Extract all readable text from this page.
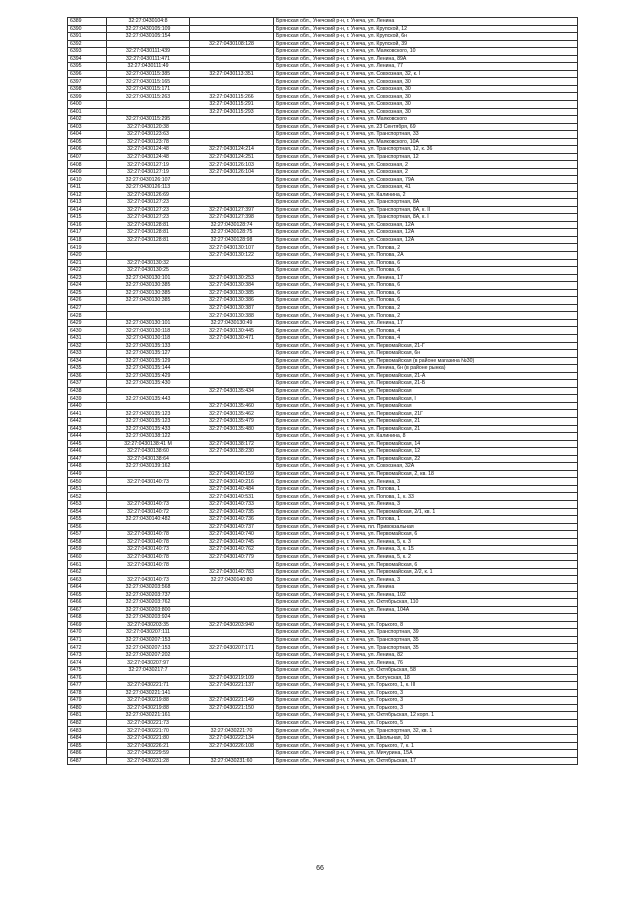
6389	32:27:0430104:8		Брянская обл., Унечский р-н, г. Унеча, ул. Ленина
6390	32:27:0430105:109		Брянская обл., Унечский р-н, г. Унеча, ул. Крупской, 12
6391	32:27:0430105:154		Брянская обл., Унечский р-н, г. Унеча, ул. Крупской, 6н
6392		32:27:0430108:128	Брянская обл., Унечский р-н, г. Унеча, ул. Крупской, 39
6393	32:27:0430111:439		Брянская обл., Унечский р-н, г. Унеча, ул. Маяковского, 10
6394	32:27:0430111:471		Брянская обл., Унечский р-н, г. Унеча, ул. Ленина, 89А
6395	32:27:0430111:49		Брянская обл., Унечский р-н, г. Унеча, ул. Ленина, 77
6396	32:27:0430115:385	32:27:0430113:351	Брянская обл., Унечский р-н, г. Унеча, ул. Совхозная, 32, к. I
6397	32:27:0430115:165		Брянская обл., Унечский р-н, г. Унеча, ул. Совхозная, 30
6398	32:27:0430115:171		Брянская обл., Унечский р-н, г. Унеча, ул. Совхозная, 30
6399	32:27:0430115:263	32:27:0430115:266	Брянская обл., Унечский р-н, г. Унеча, ул. Совхозная, 30
6400		32:27:0430115:291	Брянская обл., Унечский р-н, г. Унеча, ул. Совхозная, 30
6401		32:27:0430115:293	Брянская обл., Унечский р-н, г. Унеча, ул. Совхозная, 30
6402	32:27:0430115:295		Брянская обл., Унечский р-н, г. Унеча, ул. Маяковского
6403	32:27:0430120:38		Брянская обл., Унечский р-н, г. Унеча, ул. 23 Сентября, 69
6404	32:27:0430123:63		Брянская обл., Унечский р-н, г. Унеча, ул. Транспортная, 33
6405	32:27:0430123:78		Брянская обл., Унечский р-н, г. Унеча, ул. Маяковского, 10А
6406	32:27:0430124:48	32:27:0430124:214	Брянская обл., Унечский р-н, г. Унеча, ул. Транспортная, 12, к. 36
6407	32:27:0430124:48	32:27:0430124:251	Брянская обл., Унечский р-н, г. Унеча, ул. Транспортная, 12
6408	32:27:0430127:19	32:27:0430126:103	Брянская обл., Унечский р-н, г. Унеча, ул. Совхозная, 2
6409	32:27:0430127:19	32:27:0430126:104	Брянская обл., Унечский р-н, г. Унеча, ул. Совхозная, 2
6410	32:27:0430126:107		Брянская обл., Унечский р-н, г. Унеча, ул. Совхозная, 79А
6411	32:27:0430126:113		Брянская обл., Унечский р-н, г. Унеча, ул. Совхозная, 41
6412	32:27:0430126:69		Брянская обл., Унечский р-н, г. Унеча, ул. Калинина, 2
6413	32:27:0430127:23		Брянская обл., Унечский р-н, г. Унеча, ул. Транспортная, 8А
6414	32:27:0430127:23	32:27:0430127:397	Брянская обл., Унечский р-н, г. Унеча, ул. Транспортная, 8А, к. II
6415	32:27:0430127:23	32:27:0430127:398	Брянская обл., Унечский р-н, г. Унеча, ул. Транспортная, 8А, к. I
6416	32:27:0430128:81	32:27:0430128:74	Брянская обл., Унечский р-н, г. Унеча, ул. Совхозная, 12А
6417	32:27:0430128:81	32:27:0430128:75	Брянская обл., Унечский р-н, г. Унеча, ул. Совхозная, 12А
6418	32:27:0430128:81	32:27:0430128:98	Брянская обл., Унечский р-н, г. Унеча, ул. Совхозная, 12А
6419		32:27:0430130:107	Брянская обл., Унечский р-н, г. Унеча, ул. Попова, 2
6420		32:27:0430130:122	Брянская обл., Унечский р-н, г. Унеча, ул. Попова, 2А
6421	32:27:0430130:32		Брянская обл., Унечский р-н, г. Унеча, ул. Попова, 6
6422	32:27:0430130:25		Брянская обл., Унечский р-н, г. Унеча, ул. Попова, 6
6423	32:27:0430130:101	32:27:0430130:253	Брянская обл., Унечский р-н, г. Унеча, ул. Ленина, 17
6424	32:27:0430130:385	32:27:0430130:384	Брянская обл., Унечский р-н, г. Унеча, ул. Попова, 6
6425	32:27:0430130:385	32:27:0430130:385	Брянская обл., Унечский р-н, г. Унеча, ул. Попова, 6
6426	32:27:0430130:385	32:27:0430130:386	Брянская обл., Унечский р-н, г. Унеча, ул. Попова, 6
6427		32:27:0430130:387	Брянская обл., Унечский р-н, г. Унеча, ул. Попова, 2
6428		32:27:0430130:388	Брянская обл., Унечский р-н, г. Унеча, ул. Попова, 2
6429	32:27:0430130:101	32:27:0430130:49	Брянская обл., Унечский р-н, г. Унеча, ул. Ленина, 17
6430	32:27:0430130:118	32:27:0430130:445	Брянская обл., Унечский р-н, г. Унеча, ул. Попова, 4
6431	32:27:0430130:118	32:27:0430130:471	Брянская обл., Унечский р-н, г. Унеча, ул. Попова, 4
6432	32:27:0430135:133		Брянская обл., Унечский р-н, г. Унеча, ул. Первомайская, 21-Г
6433	32:27:0430135:127		Брянская обл., Унечский р-н, г. Унеча, ул. Первомайская, 6н
6434	32:27:0430135:129		Брянская обл., Унечский р-н, г. Унеча, ул. Первомайская (в районе магазина №30)
6435	32:27:0430135:144		Брянская обл., Унечский р-н, г. Унеча, ул. Ленина, 6н (в районе рынка)
6436	32:27:0430135:429		Брянская обл., Унечский р-н, г. Унеча, ул. Первомайская, 21-А
6437	32:27:0430135:430		Брянская обл., Унечский р-н, г. Унеча, ул. Первомайская, 21-Б
6438		32:27:0430135:434	Брянская обл., Унечский р-н, г. Унеча, ул. Первомайская
6439	32:27:0430135:443		Брянская обл., Унечский р-н, г. Унеча, ул. Первомайская, I
6440		32:27:0430135:460	Брянская обл., Унечский р-н, г. Унеча, ул. Первомайская
6441	32:27:0430135:123	32:27:0430135:462	Брянская обл., Унечский р-н, г. Унеча, ул. Первомайская, 21Г
6442	32:27:0430135:123	32:27:0430135:479	Брянская обл., Унечский р-н, г. Унеча, ул. Первомайская, 21
6443	32:27:0430135:433	32:27:0430135:480	Брянская обл., Унечский р-н, г. Унеча, ул. Первомайская, 21
6444	32:27:0430138:122		Брянская обл., Унечский р-н, г. Унеча, ул. Калинина, 8
6445	32:27:0430138:41 М	32:27:0430138:172	Брянская обл., Унечский р-н, г. Унеча, ул. Первомайская, 14
6446	32:27:0430138:60	32:27:0430138:230	Брянская обл., Унечский р-н, г. Унеча, ул. Первомайская, 12
6447	32:27:0430138:64		Брянская обл., Унечский р-н, г. Унеча, ул. Первомайская, 22
6448	32:27:0430139:162		Брянская обл., Унечский р-н, г. Унеча, ул. Совхозная, 32А
6449		32:27:0430140:159	Брянская обл., Унечский р-н, г. Унеча, ул. Первомайская, 2, кв. 18
6450	32:27:0430140:73	32:27:0430140:216	Брянская обл., Унечский р-н, г. Унеча, ул. Ленина, 3
6451		32:27:0430140:484	Брянская обл., Унечский р-н, г. Унеча, ул. Попова, 1
6452		32:27:0430140:531	Брянская обл., Унечский р-н, г. Унеча, ул. Попова, 1, к. 33
6453	32:27:0430140:73	32:27:0430140:733	Брянская обл., Унечский р-н, г. Унеча, ул. Ленина, 3
6454	32:27:0430140:72	32:27:0430140:735	Брянская обл., Унечский р-н, г. Унеча, ул. Первомайская, 2/1, кв. 1
6455	32:27:0430140:482	32:27:0430140:736	Брянская обл., Унечский р-н, г. Унеча, ул. Попова, 1
6456		32:27:0430140:737	Брянская обл., Унечский р-н, г. Унеча, пл. Привокзальная
6457	32:27:0430140:78	32:27:0430140:740	Брянская обл., Унечский р-н, г. Унеча, ул. Первомайская, 6
6458	32:27:0430140:78	32:27:0430140:745	Брянская обл., Унечский р-н, г. Унеча, ул. Ленина, 5, к. 3
6459	32:27:0430140:73	32:27:0430140:762	Брянская обл., Унечский р-н, г. Унеча, ул. Ленина, 3, к. 15
6460	32:27:0430140:78	32:27:0430140:779	Брянская обл., Унечский р-н, г. Унеча, ул. Ленина, 5, к. 2
6461	32:27:0430140:78		Брянская обл., Унечский р-н, г. Унеча, ул. Первомайская, 6
6462		32:27:0430140:783	Брянская обл., Унечский р-н, г. Унеча, ул. Первомайская, 2/2, к. 1
6463	32:27:0430140:73	32:27:0430140:80	Брянская обл., Унечский р-н, г. Унеча, ул. Ленина, 3
6464	32:27:0430203:568		Брянская обл., Унечский р-н, г. Унеча, ул. Ленина
6465	32:27:0430203:737		Брянская обл., Унечский р-н, г. Унеча, ул. Ленина, 102
6466	32:27:0430203:762		Брянская обл., Унечский р-н, г. Унеча, ул. Октябрьская, 110
6467	32:27:0430203:800		Брянская обл., Унечский р-н, г. Унеча, ул. Ленина, 104А
6468	32:27:0430203:924		Брянская обл., Унечский р-н, г. Унеча
6469	32:27:0430203:35	32:27:0430203:940	Брянская обл., Унечский р-н, г. Унеча, ул. Горького, 8
6470	32:27:0430207:111		Брянская обл., Унечский р-н, г. Унеча, ул. Транспортная, 39
6471	32:27:0430207:153		Брянская обл., Унечский р-н, г. Унеча, ул. Транспортная, 35
6472	32:27:0430207:153	32:27:0430207:171	Брянская обл., Унечский р-н, г. Унеча, ул. Транспортная, 35
6473	32:27:0430207:202		Брянская обл., Унечский р-н, г. Унеча, ул. Ленина, 82
6474	32:27:0430207:97		Брянская обл., Унечский р-н, г. Унеча, ул. Ленина, 76
6475	32:27:0430217:7		Брянская обл., Унечский р-н, г. Унеча, ул. Октябрьская, 58
6476		32:27:0430219:109	Брянская обл., Унечский р-н, г. Унеча, ул. Ботунская, 18
6477	32:27:0430221:71	32:27:0430221:137	Брянская обл., Унечский р-н, г. Унеча, ул. Горького, 1, к. III
6478	32:27:0430221:141		Брянская обл., Унечский р-н, г. Унеча, ул. Горького, 3
6479	32:27:0430219:88	32:27:0430221:149	Брянская обл., Унечский р-н, г. Унеча, ул. Горького, 3
6480	32:27:0430219:88	32:27:0430221:150	Брянская обл., Унечский р-н, г. Унеча, ул. Горького, 3
6481	32:27:0430221:161		Брянская обл., Унечский р-н, г. Унеча, ул. Октябрьская, 12 корп. 1
6482	32:27:0430221:73		Брянская обл., Унечский р-н, г. Унеча, ул. Горького, 5
6483	32:27:0430221:70	32:27:0430221:70	Брянская обл., Унечский р-н, г. Унеча, ул. Транспортная, 32, кв. 1
6484	32:27:0430221:80	32:27:0430222:134	Брянская обл., Унечский р-н, г. Унеча, ул. Школьная, 10
6485	32:27:0430226:21	32:27:0430226:108	Брянская обл., Унечский р-н, г. Унеча, ул. Горького, 7, к. 1
6486	32:27:0430229:59		Брянская обл., Унечский р-н, г. Унеча, ул. Мичурина, 15А
6487	32:27:0430231:28	32:27:0430231:60	Брянская обл., Унечский р-н, г. Унеча, ул. Октябрьская, 17
66
